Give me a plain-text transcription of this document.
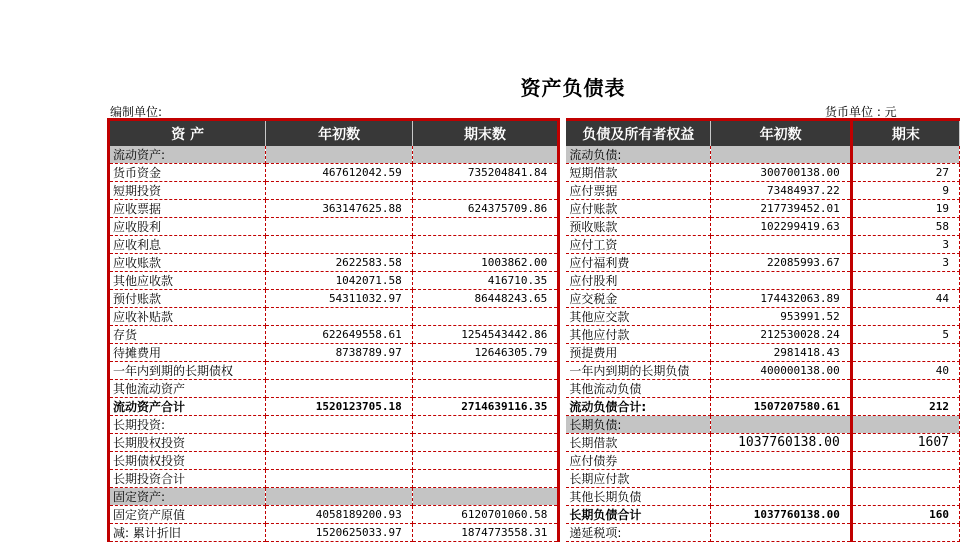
资产负债表
编制单位:	货币单位 : 元
资 产	年初数	期末数
流动资产:		
货币资金	467612042.59	735204841.84
短期投资		
应收票据	363147625.88	624375709.86
应收股利		
应收利息		
应收账款	2622583.58	1003862.00
其他应收款	1042071.58	416710.35
预付账款	54311032.97	86448243.65
应收补贴款		
存货	622649558.61	1254543442.86
待摊费用	8738789.97	12646305.79
一年内到期的长期债权		
其他流动资产		
流动资产合计	1520123705.18	2714639116.35
长期投资:		
长期股权投资		
长期债权投资		
长期投资合计		
固定资产:		
固定资产原值	4058189200.93	6120701060.58
减: 累计折旧	1520625033.97	1874773558.31
负债及所有者权益	年初数	期末
流动负债:		
短期借款	300700138.00	27
应付票据	73484937.22	9
应付账款	217739452.01	19
预收账款	102299419.63	58
应付工资		3
应付福利费	22085993.67	3
应付股利		
应交税金	174432063.89	44
其他应交款	953991.52	
其他应付款	212530028.24	5
预提费用	2981418.43	
一年内到期的长期负债	400000138.00	40
其他流动负债		
流动负债合计:	1507207580.61	212
长期负债:		
长期借款	1037760138.00	1607
应付债券		
长期应付款		
其他长期负债		
长期负债合计	1037760138.00	160
递延税项:		
